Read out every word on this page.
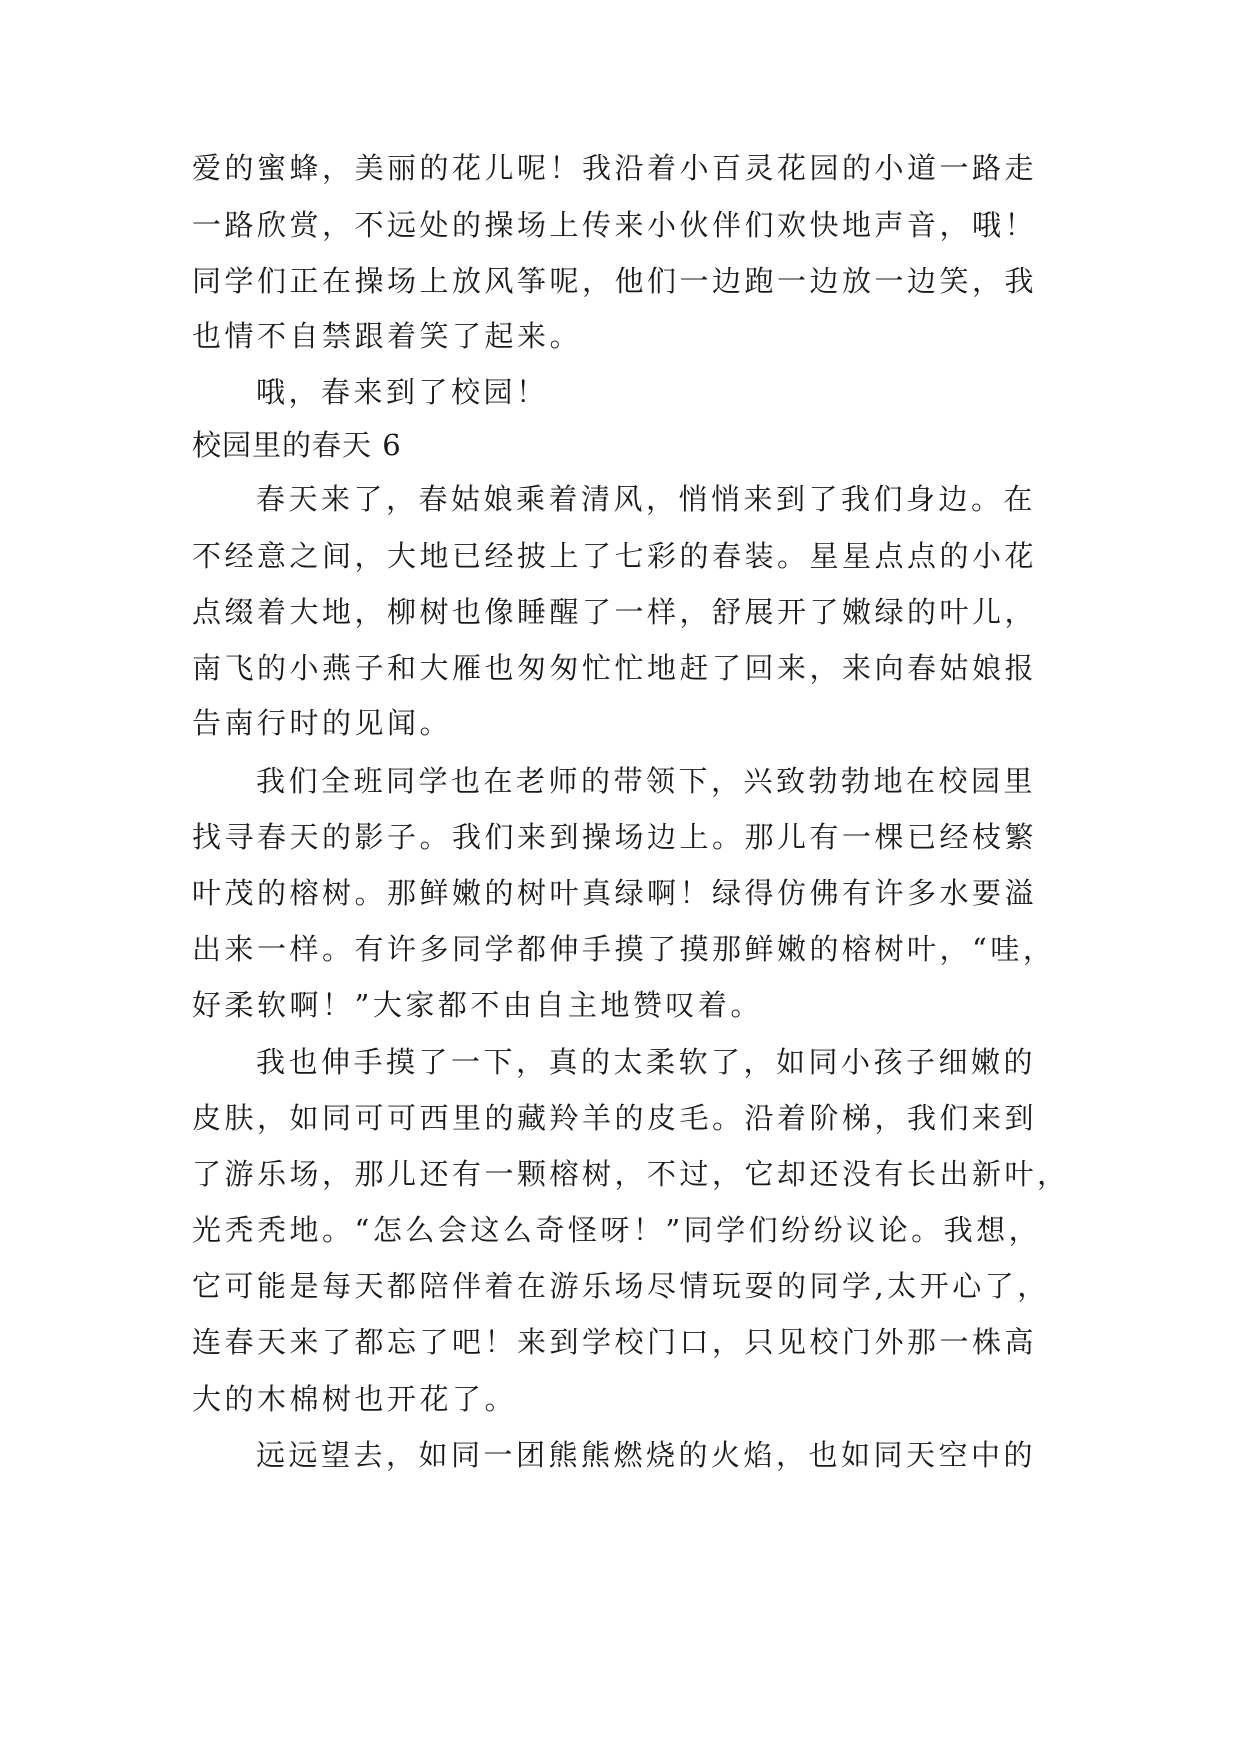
爱的蜜蜂，美丽的花儿呢！我沿着小百灵花园的小道一路走
一路欣赏，不远处的操场上传来小伙伴们欢快地声音，哦！
同学们正在操场上放风筝呢，他们一边跑一边放一边笑，我
也情不自禁跟着笑了起来。
哦，春来到了校园！
校园里的春天 6
春天来了，春姑娘乘着清风，悄悄来到了我们身边。在
不经意之间，大地已经披上了七彩的春装。星星点点的小花
点缀着大地，柳树也像睡醒了一样，舒展开了嫩绿的叶儿，
南飞的小燕子和大雁也匆匆忙忙地赶了回来，来向春姑娘报
告南行时的见闻。
我们全班同学也在老师的带领下，兴致勃勃地在校园里
找寻春天的影子。我们来到操场边上。那儿有一棵已经枝繁
叶茂的榕树。那鲜嫩的树叶真绿啊！绿得仿佛有许多水要溢
出来一样。有许多同学都伸手摸了摸那鲜嫩的榕树叶，“哇，
好柔软啊！”大家都不由自主地赞叹着。
我也伸手摸了一下，真的太柔软了，如同小孩子细嫩的
皮肤，如同可可西里的藏羚羊的皮毛。沿着阶梯，我们来到
了游乐场，那儿还有一颗榕树，不过，它却还没有长出新叶，
光秃秃地。“怎么会这么奇怪呀！”同学们纷纷议论。我想，
它可能是每天都陪伴着在游乐场尽情玩耍的同学,太开心了，
连春天来了都忘了吧！来到学校门口，只见校门外那一株高
大的木棉树也开花了。
远远望去，如同一团熊熊燃烧的火焰，也如同天空中的
